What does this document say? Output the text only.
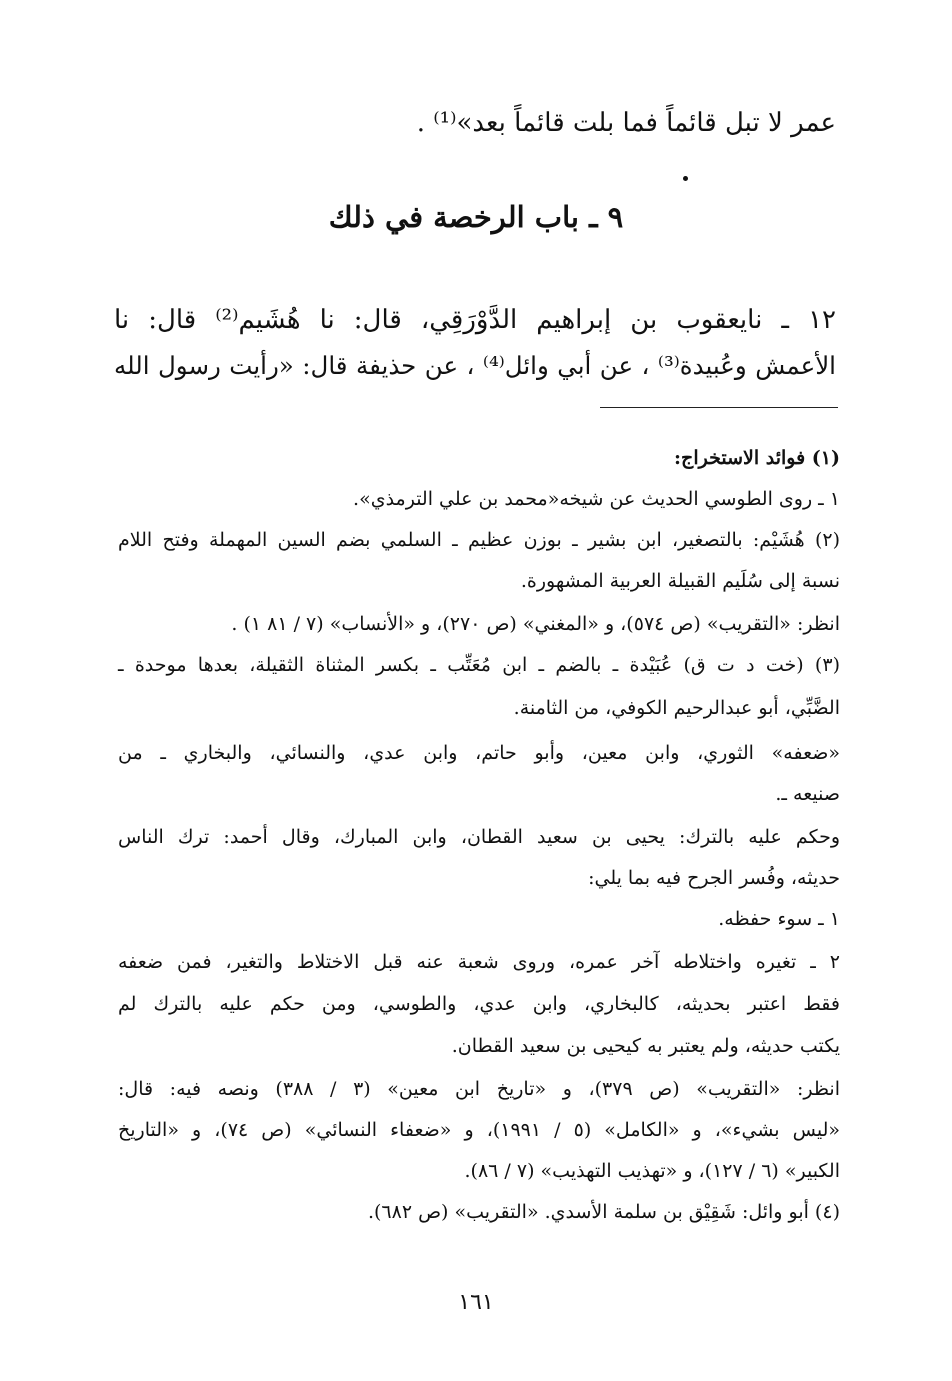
عمر لا تبل قائماً فما بلت قائماً بعد»⁽¹⁾ .
٩ ـ باب الرخصة في ذلك
١٢ ـ نايعقوب بن إبراهيم الدَّوْرَقِي، قال: نا هُشَيم⁽²⁾ قال: نا
الأعمش وعُبيدة⁽³⁾ ، عن أبي وائل⁽⁴⁾ ، عن حذيفة قال: «رأيت رسول الله
(١) فوائد الاستخراج:
١ ـ روى الطوسي الحديث عن شيخه«محمد بن علي الترمذي».
(٢) هُشَيْم: بالتصغير، ابن بشير ـ بوزن عظيم ـ السلمي بضم السين المهملة وفتح اللام
نسبة إلى سُلَيم القبيلة العربية المشهورة.
انظر: «التقريب» (ص ٥٧٤)، و «المغني» (ص ٢٧٠)، و «الأنساب» (٧ / ٨١ ١) .
(٣) (خت د ت ق) عُبَيْدة ـ بالضم ـ ابن مُعَتِّب ـ بكسر المثناة الثقيلة، بعدها موحدة ـ
الضَّبِّي، أبو عبدالرحيم الكوفي، من الثامنة.
«ضعفه» الثوري، وابن معين، وأبو حاتم، وابن عدي، والنسائي، والبخاري ـ من
صنيعه ـ.
وحكم عليه بالترك: يحيى بن سعيد القطان، وابن المبارك، وقال أحمد: ترك الناس
حديثه، وفُسر الجرح فيه بما يلي:
١ ـ سوء حفظه.
٢ ـ تغيره واختلاطه آخر عمره، وروى شعبة عنه قبل الاختلاط والتغير، فمن ضعفه
فقط اعتبر بحديثه، كالبخاري، وابن عدي، والطوسي، ومن حكم عليه بالترك لم
يكتب حديثه، ولم يعتبر به كيحيى بن سعيد القطان.
انظر: «التقريب» (ص ٣٧٩)، و «تاريخ ابن معين» (٣ / ٣٨٨) ونصه فيه: قال:
«ليس بشيء»، و «الكامل» (٥ / ١٩٩١)، و «ضعفاء النسائي» (ص ٧٤)، و «التاريخ
الكبير» (٦ / ١٢٧)، و «تهذيب التهذيب» (٧ / ٨٦).
(٤) أبو وائل: شَقِيْق بن سلمة الأسدي. «التقريب» (ص ٦٨٢).
١٦١
